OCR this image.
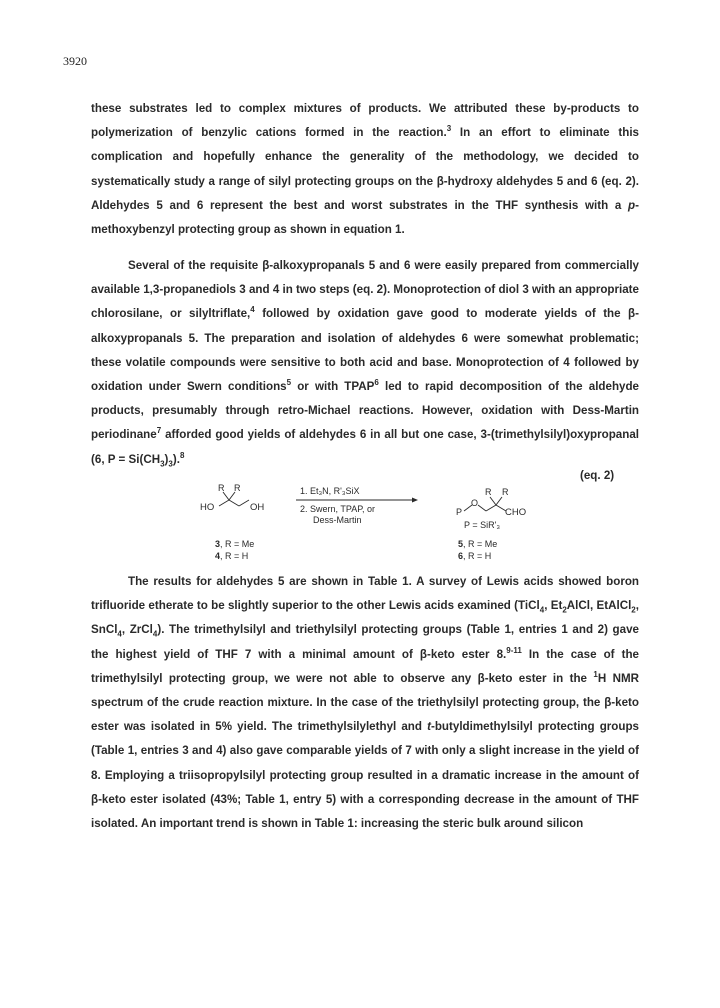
3920

these substrates led to complex mixtures of products. We attributed these by-products to polymerization of benzylic cations formed in the reaction.$^3$ In an effort to eliminate this complication and hopefully enhance the generality of the methodology, we decided to systematically study a range of silyl protecting groups on the β-hydroxy aldehydes 5 and 6 (eq. 2). Aldehydes 5 and 6 represent the best and worst substrates in the THF synthesis with a p-methoxybenzyl protecting group as shown in equation 1.

Several of the requisite β-alkoxypropanals 5 and 6 were easily prepared from commercially available 1,3-propanediols 3 and 4 in two steps (eq. 2). Monoprotection of diol 3 with an appropriate chlorosilane, or silyltriflate,$^4$ followed by oxidation gave good to moderate yields of the β-alkoxypropanals 5. The preparation and isolation of aldehydes 6 were somewhat problematic; these volatile compounds were sensitive to both acid and base. Monoprotection of 4 followed by oxidation under Swern conditions$^5$ or with TPAP$^6$ led to rapid decomposition of the aldehyde products, presumably through retro-Michael reactions. However, oxidation with Dess-Martin periodinane$^7$ afforded good yields of aldehydes 6 in all but one case, 3-(trimethylsilyl)oxypropanal (6, $P = Si(CH_3)_3).^8$

(eq. 2)
R R
HO	OH
1. Et₃N, R'₃SiX
2. Swern, TPAP, or
Dess-Martin
R R
O
P	CHO
P = SiR'₃
3, R = Me
4, R = H
5, R = Me
6, R = H

The results for aldehydes 5 are shown in Table 1. A survey of Lewis acids showed boron trifluoride etherate to be slightly superior to the other Lewis acids examined (TiCl$_4$, $Et_2AlCl$, EtAlCl$_2$, SnCl$_4$, ZrCl$_4$). The trimethylsilyl and triethylsilyl protecting groups (Table 1, entries 1 and 2) gave the highest yield of THF 7 with a minimal amount of β-keto ester 8.$^{9-11}$ In the case of the trimethylsilyl protecting group, we were not able to observe any β-keto ester in the $^1$H NMR spectrum of the crude reaction mixture. In the case of the triethylsilyl protecting group, the β-keto ester was isolated in 5% yield. The trimethylsilylethyl and t-butyldimethylsilyl protecting groups (Table 1, entries 3 and 4) also gave comparable yields of 7 with only a slight increase in the yield of 8. Employing a triisopropylsilyl protecting group resulted in a dramatic increase in the amount of β-keto ester isolated (43%; Table 1, entry 5) with a corresponding decrease in the amount of THF isolated. An important trend is shown in Table 1: increasing the steric bulk around silicon
